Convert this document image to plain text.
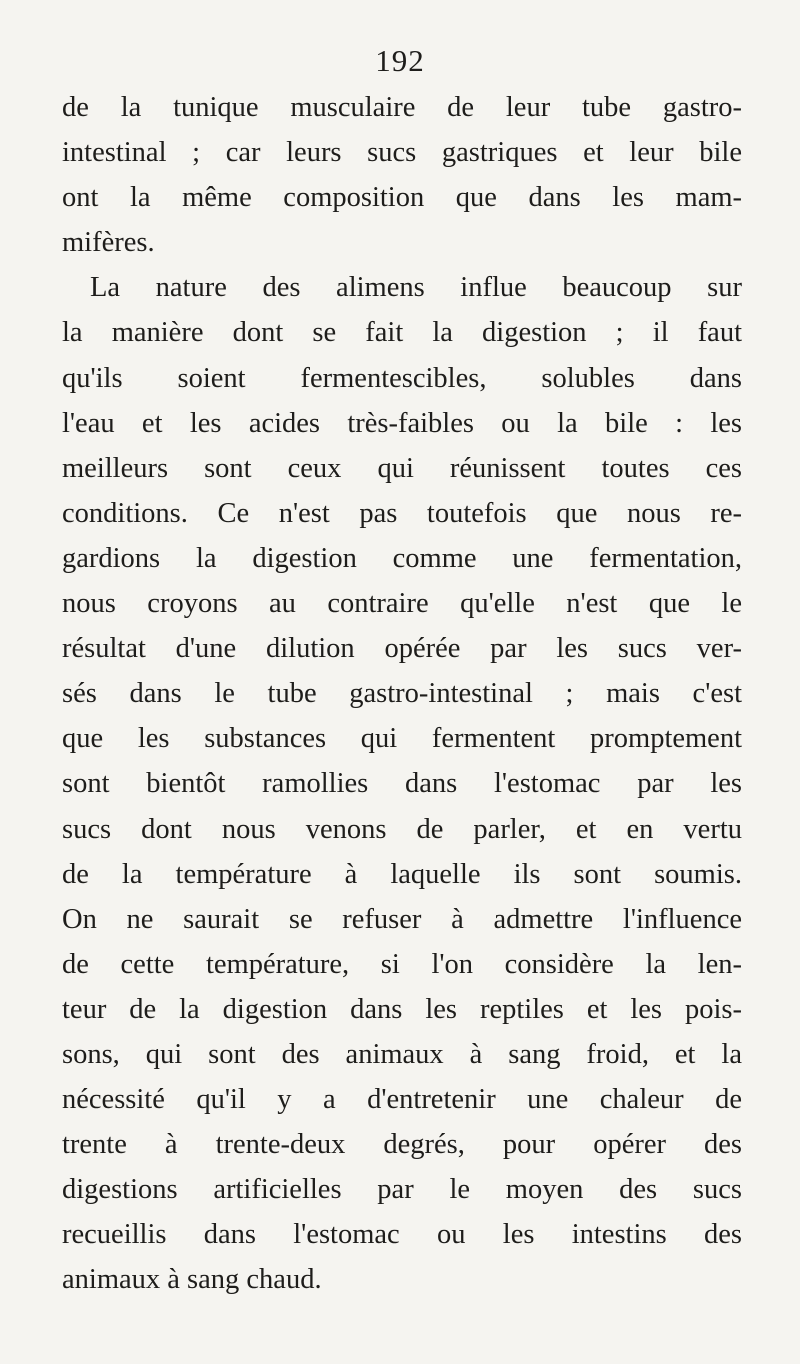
192
de la tunique musculaire de leur tube gastro-
intestinal ; car leurs sucs gastriques et leur bile
ont la même composition que dans les mam-
mifères.
La nature des alimens influe beaucoup sur
la manière dont se fait la digestion ; il faut
qu'ils soient fermentescibles, solubles dans
l'eau et les acides très-faibles ou la bile : les
meilleurs sont ceux qui réunissent toutes ces
conditions. Ce n'est pas toutefois que nous re-
gardions la digestion comme une fermentation,
nous croyons au contraire qu'elle n'est que le
résultat d'une dilution opérée par les sucs ver-
sés dans le tube gastro-intestinal ; mais c'est
que les substances qui fermentent promptement
sont bientôt ramollies dans l'estomac par les
sucs dont nous venons de parler, et en vertu
de la température à laquelle ils sont soumis.
On ne saurait se refuser à admettre l'influence
de cette température, si l'on considère la len-
teur de la digestion dans les reptiles et les pois-
sons, qui sont des animaux à sang froid, et la
nécessité qu'il y a d'entretenir une chaleur de
trente à trente-deux degrés, pour opérer des
digestions artificielles par le moyen des sucs
recueillis dans l'estomac ou les intestins des
animaux à sang chaud.
